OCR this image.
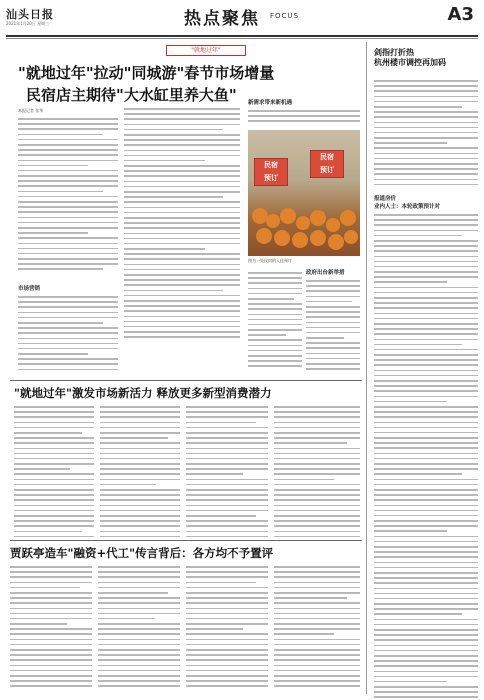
汕头日报
2021年1月20日 星期三	热点聚焦 FOCUS	A3
"就地过年"
"就地过年"拉动"同城游"春节市场增量
民宿店主期待"大水缸里养大鱼"
本报记者 张华
市场营销
新需求带来新机遇
民宿
预订
民宿
预订
图为一处民宿的入住预订
政府出台新举措
"就地过年"激发市场新活力 释放更多新型消费潜力
贾跃亭造车"融资+代工"传言背后：各方均不予置评
剑指打折热
杭州楼市调控再加码
报道房价
业内人士：本轮政策预计对
